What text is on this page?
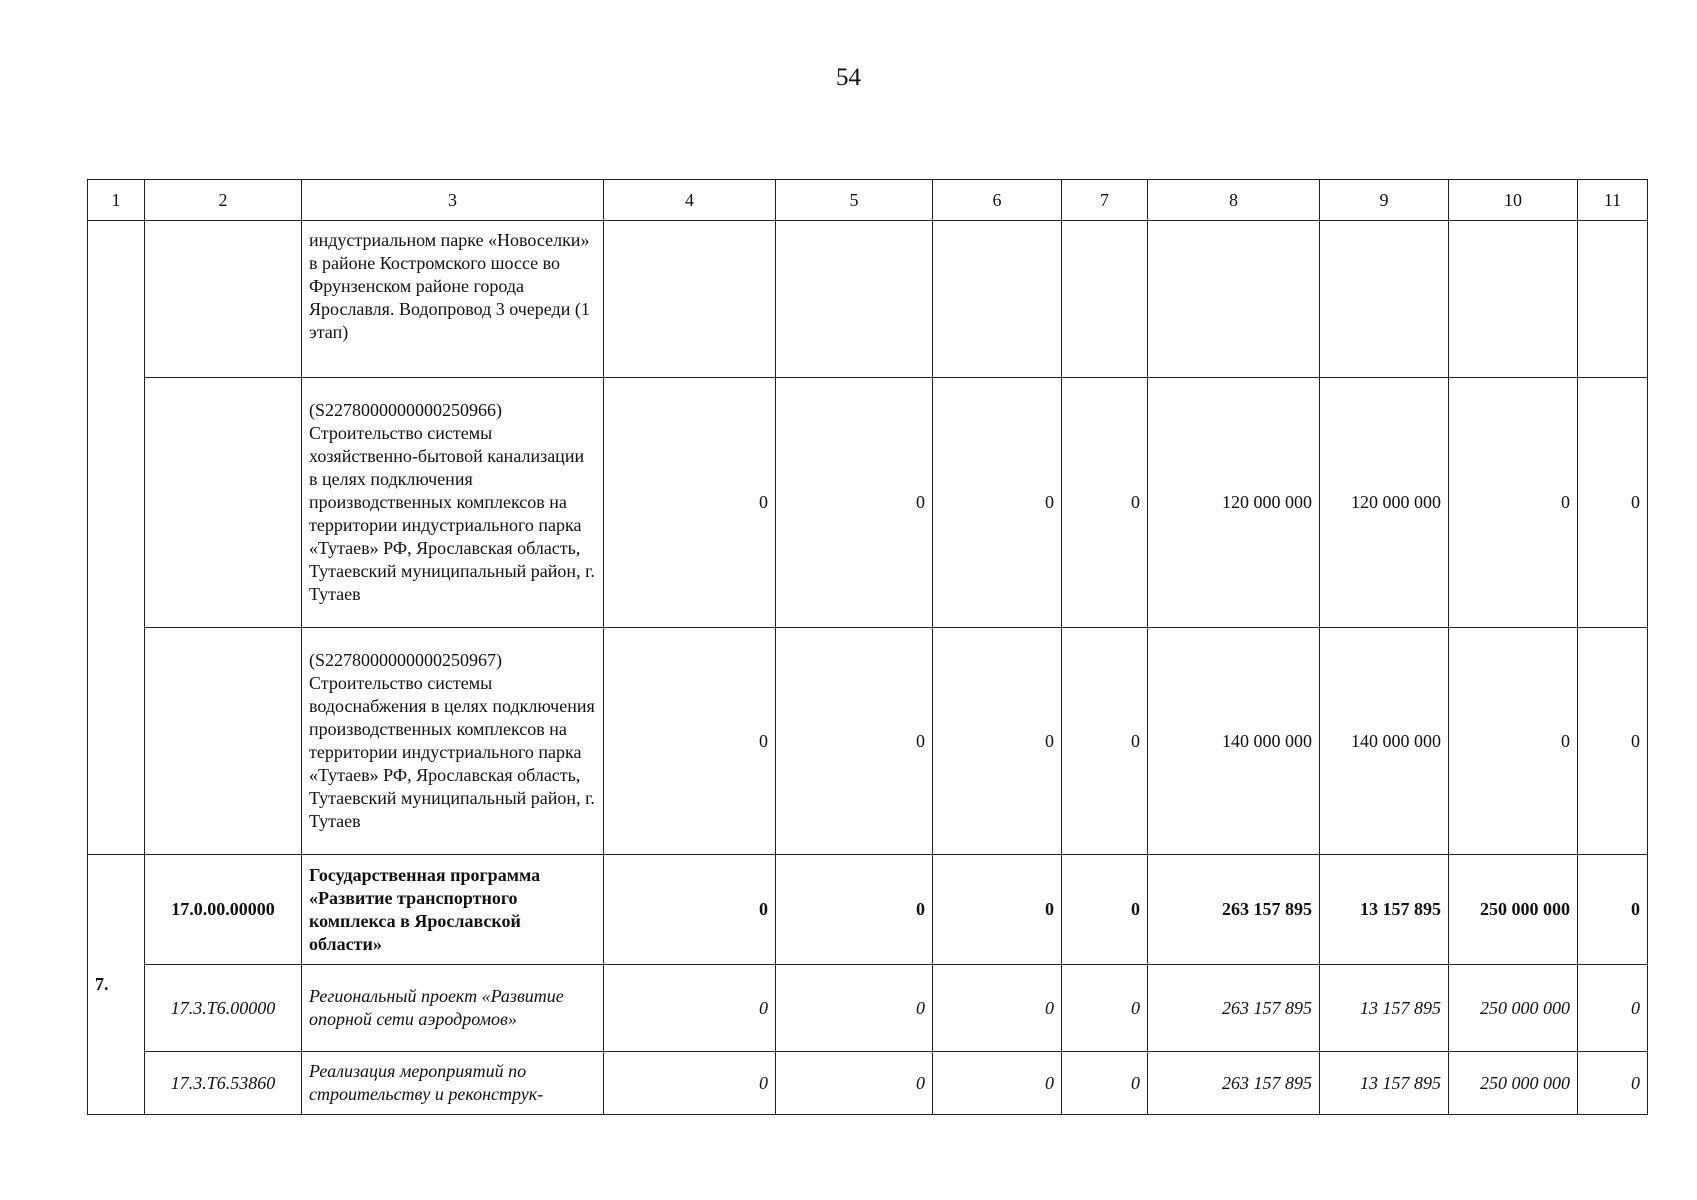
54
1	2	3	4	5	6	7	8	9	10	11
		индустриальном парке «Новоселки» в районе Костромского шоссе во Фрунзенском районе города Ярославля. Водопровод 3 очереди (1 этап)								
		(S2278000000000250966) Строительство системы хозяйственно-бытовой канализации в целях подключения производственных комплексов на территории индустриального парка «Тутаев» РФ, Ярославская область, Тутаевский муниципальный район, г. Тутаев	0	0	0	0	120 000 000	120 000 000	0	0
		(S2278000000000250967) Строительство системы водоснабжения в целях подключения производственных комплексов на территории индустриального парка «Тутаев» РФ, Ярославская область, Тутаевский муниципальный район, г. Тутаев	0	0	0	0	140 000 000	140 000 000	0	0
7.	17.0.00.00000	Государственная программа «Развитие транспортного комплекса в Ярославской области»	0	0	0	0	263 157 895	13 157 895	250 000 000	0
	17.3.Т6.00000	Региональный проект «Развитие опорной сети аэродромов»	0	0	0	0	263 157 895	13 157 895	250 000 000	0
	17.3.Т6.53860	Реализация мероприятий по строительству и реконструк-	0	0	0	0	263 157 895	13 157 895	250 000 000	0
